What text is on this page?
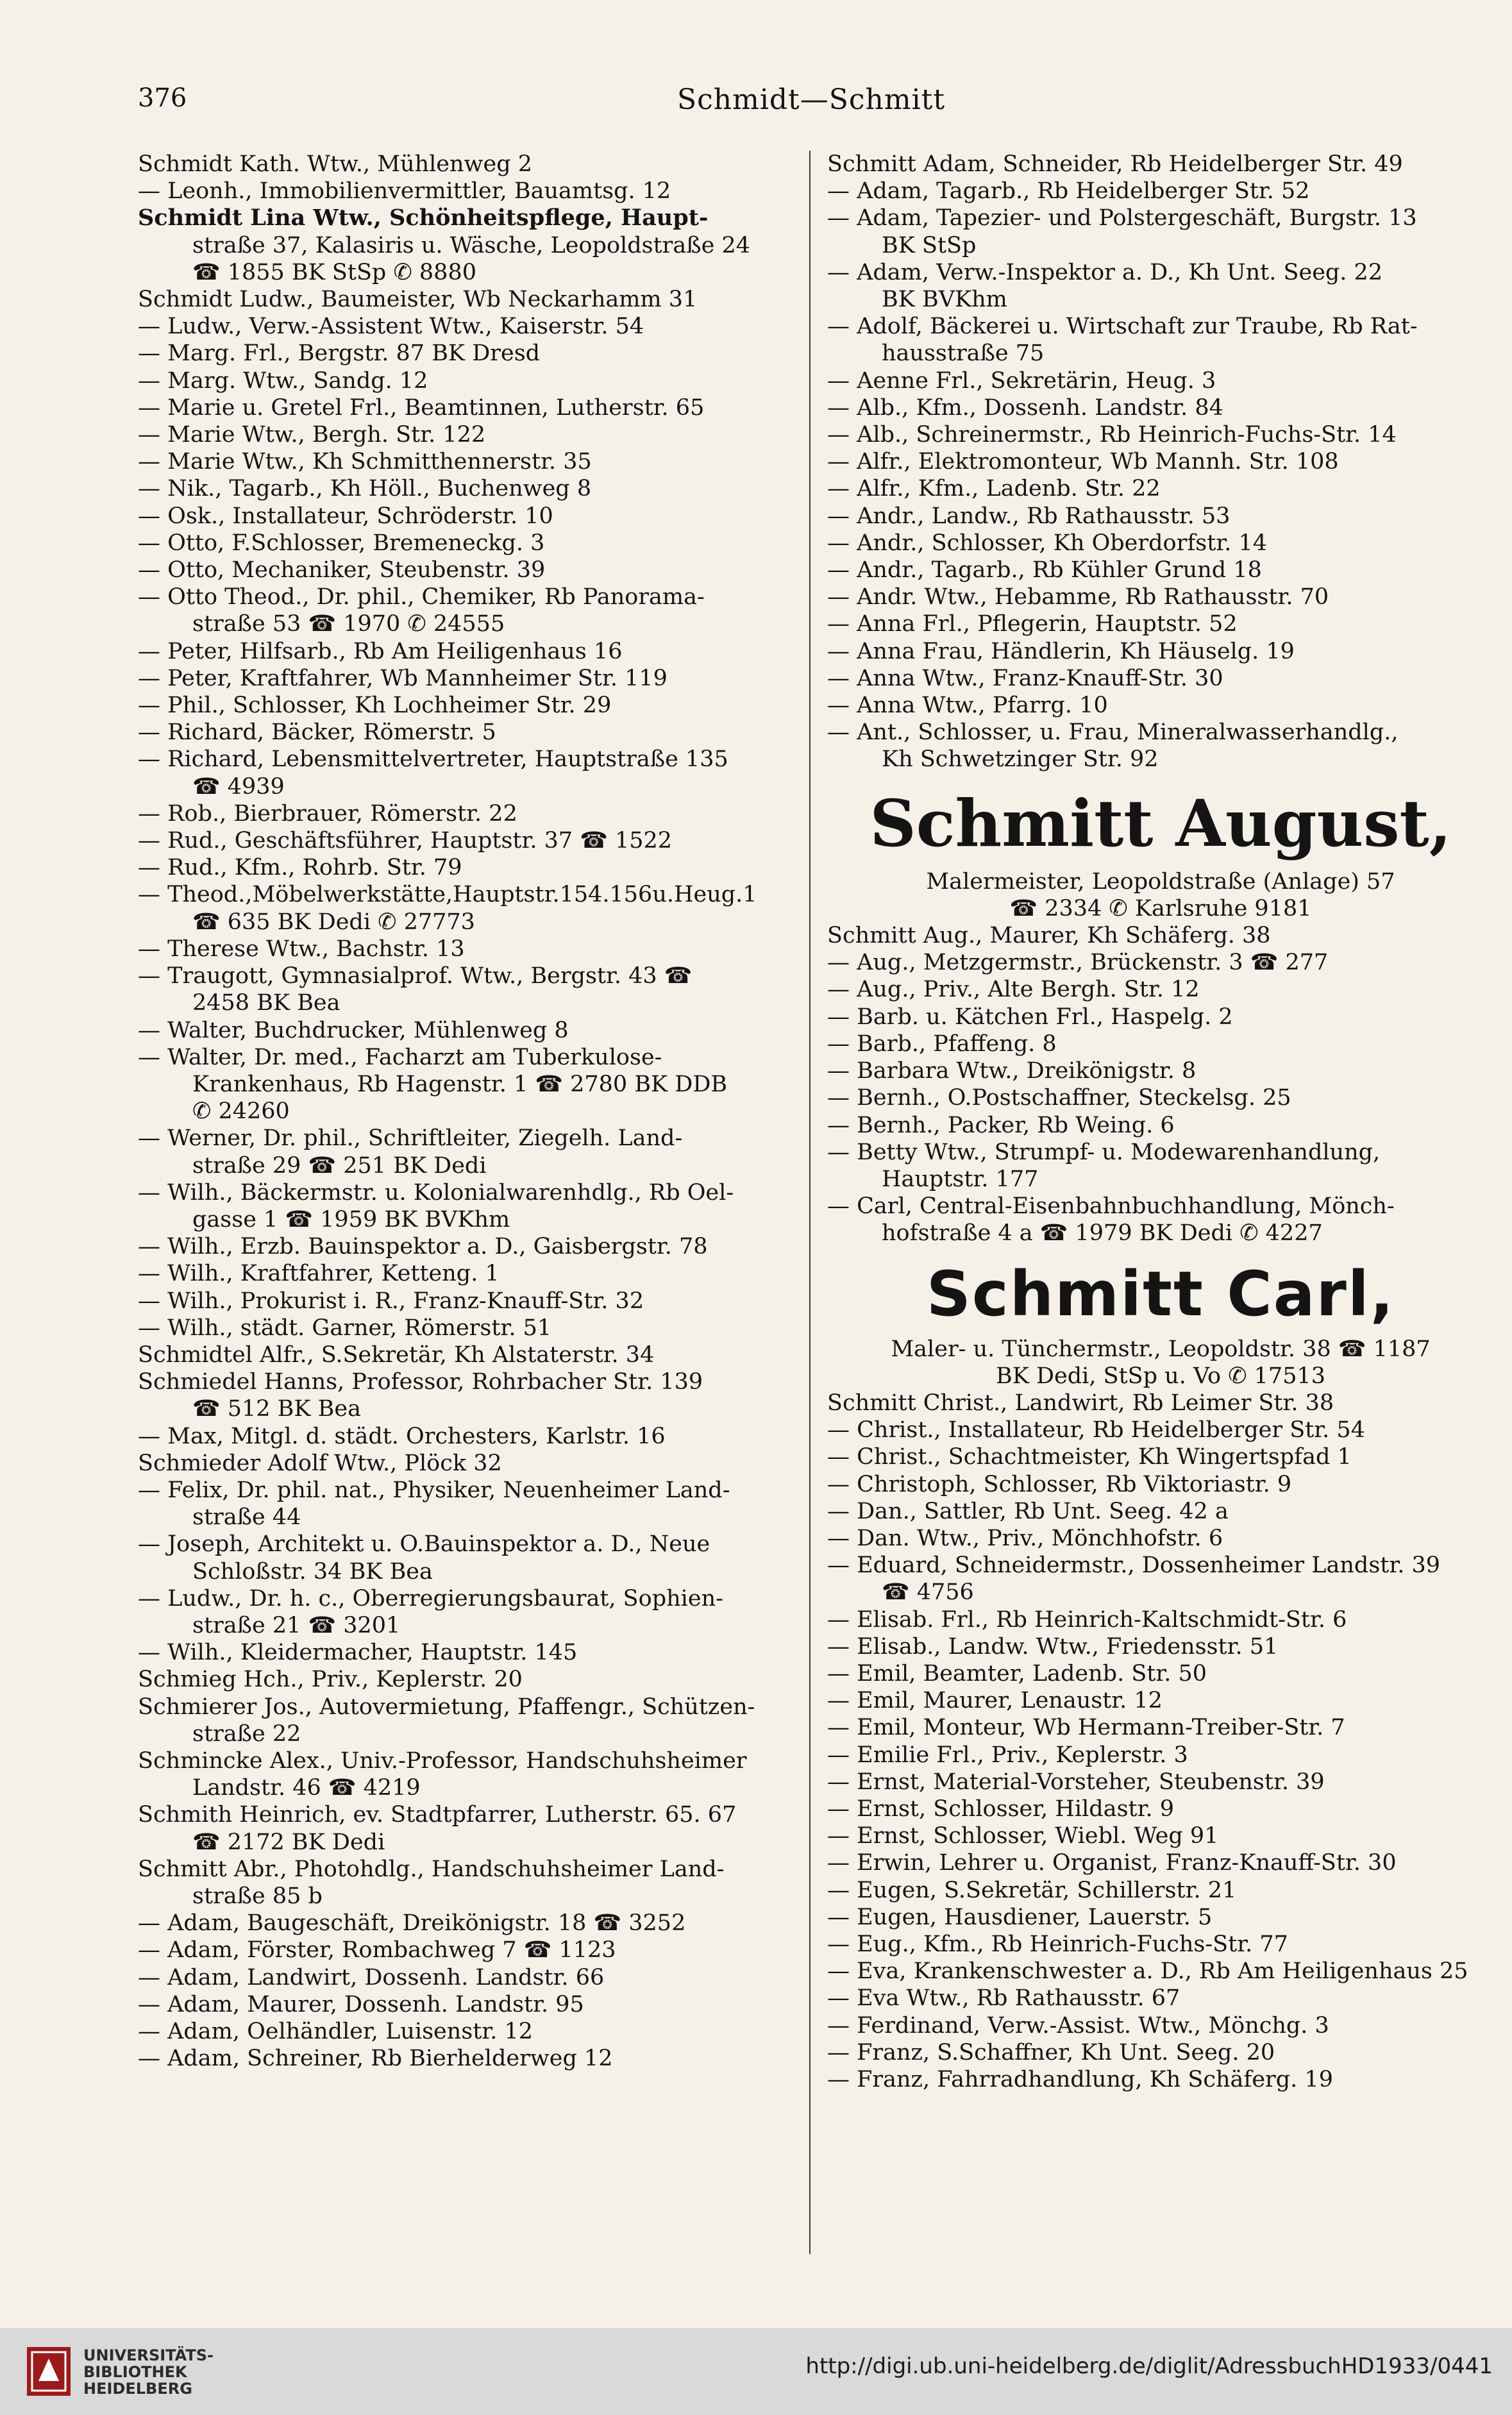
376	Schmidt—Schmitt
Schmidt Kath. Wtw., Mühlenweg 2
— Leonh., Immobilienvermittler, Bauamtsg. 12
Schmidt Lina Wtw., Schönheitspflege, Haupt-
straße 37, Kalasiris u. Wäsche, Leopoldstraße 24
☎ 1855 BK StSp ✆ 8880
Schmidt Ludw., Baumeister, Wb Neckarhamm 31
— Ludw., Verw.-Assistent Wtw., Kaiserstr. 54
— Marg. Frl., Bergstr. 87 BK Dresd
— Marg. Wtw., Sandg. 12
— Marie u. Gretel Frl., Beamtinnen, Lutherstr. 65
— Marie Wtw., Bergh. Str. 122
— Marie Wtw., Kh Schmitthennerstr. 35
— Nik., Tagarb., Kh Höll., Buchenweg 8
— Osk., Installateur, Schröderstr. 10
— Otto, F.Schlosser, Bremeneckg. 3
— Otto, Mechaniker, Steubenstr. 39
— Otto Theod., Dr. phil., Chemiker, Rb Panorama-
straße 53 ☎ 1970 ✆ 24555
— Peter, Hilfsarb., Rb Am Heiligenhaus 16
— Peter, Kraftfahrer, Wb Mannheimer Str. 119
— Phil., Schlosser, Kh Lochheimer Str. 29
— Richard, Bäcker, Römerstr. 5
— Richard, Lebensmittelvertreter, Hauptstraße 135
☎ 4939
— Rob., Bierbrauer, Römerstr. 22
— Rud., Geschäftsführer, Hauptstr. 37 ☎ 1522
— Rud., Kfm., Rohrb. Str. 79
— Theod.,Möbelwerkstätte,Hauptstr.154.156u.Heug.1
☎ 635 BK Dedi ✆ 27773
— Therese Wtw., Bachstr. 13
— Traugott, Gymnasialprof. Wtw., Bergstr. 43 ☎
2458 BK Bea
— Walter, Buchdrucker, Mühlenweg 8
— Walter, Dr. med., Facharzt am Tuberkulose-
Krankenhaus, Rb Hagenstr. 1 ☎ 2780 BK DDB
✆ 24260
— Werner, Dr. phil., Schriftleiter, Ziegelh. Land-
straße 29 ☎ 251 BK Dedi
— Wilh., Bäckermstr. u. Kolonialwarenhdlg., Rb Oel-
gasse 1 ☎ 1959 BK BVKhm
— Wilh., Erzb. Bauinspektor a. D., Gaisbergstr. 78
— Wilh., Kraftfahrer, Ketteng. 1
— Wilh., Prokurist i. R., Franz-Knauff-Str. 32
— Wilh., städt. Garner, Römerstr. 51
Schmidtel Alfr., S.Sekretär, Kh Alstaterstr. 34
Schmiedel Hanns, Professor, Rohrbacher Str. 139
☎ 512 BK Bea
— Max, Mitgl. d. städt. Orchesters, Karlstr. 16
Schmieder Adolf Wtw., Plöck 32
— Felix, Dr. phil. nat., Physiker, Neuenheimer Land-
straße 44
— Joseph, Architekt u. O.Bauinspektor a. D., Neue
Schloßstr. 34 BK Bea
— Ludw., Dr. h. c., Oberregierungsbaurat, Sophien-
straße 21 ☎ 3201
— Wilh., Kleidermacher, Hauptstr. 145
Schmieg Hch., Priv., Keplerstr. 20
Schmierer Jos., Autovermietung, Pfaffengr., Schützen-
straße 22
Schmincke Alex., Univ.-Professor, Handschuhsheimer
Landstr. 46 ☎ 4219
Schmith Heinrich, ev. Stadtpfarrer, Lutherstr. 65. 67
☎ 2172 BK Dedi
Schmitt Abr., Photohdlg., Handschuhsheimer Land-
straße 85 b
— Adam, Baugeschäft, Dreikönigstr. 18 ☎ 3252
— Adam, Förster, Rombachweg 7 ☎ 1123
— Adam, Landwirt, Dossenh. Landstr. 66
— Adam, Maurer, Dossenh. Landstr. 95
— Adam, Oelhändler, Luisenstr. 12
— Adam, Schreiner, Rb Bierhelderweg 12
Schmitt Adam, Schneider, Rb Heidelberger Str. 49
— Adam, Tagarb., Rb Heidelberger Str. 52
— Adam, Tapezier- und Polstergeschäft, Burgstr. 13
BK StSp
— Adam, Verw.-Inspektor a. D., Kh Unt. Seeg. 22
BK BVKhm
— Adolf, Bäckerei u. Wirtschaft zur Traube, Rb Rat-
hausstraße 75
— Aenne Frl., Sekretärin, Heug. 3
— Alb., Kfm., Dossenh. Landstr. 84
— Alb., Schreinermstr., Rb Heinrich-Fuchs-Str. 14
— Alfr., Elektromonteur, Wb Mannh. Str. 108
— Alfr., Kfm., Ladenb. Str. 22
— Andr., Landw., Rb Rathausstr. 53
— Andr., Schlosser, Kh Oberdorfstr. 14
— Andr., Tagarb., Rb Kühler Grund 18
— Andr. Wtw., Hebamme, Rb Rathausstr. 70
— Anna Frl., Pflegerin, Hauptstr. 52
— Anna Frau, Händlerin, Kh Häuselg. 19
— Anna Wtw., Franz-Knauff-Str. 30
— Anna Wtw., Pfarrg. 10
— Ant., Schlosser, u. Frau, Mineralwasserhandlg.,
Kh Schwetzinger Str. 92
Schmitt August,
Malermeister, Leopoldstraße (Anlage) 57
☎ 2334 ✆ Karlsruhe 9181
Schmitt Aug., Maurer, Kh Schäferg. 38
— Aug., Metzgermstr., Brückenstr. 3 ☎ 277
— Aug., Priv., Alte Bergh. Str. 12
— Barb. u. Kätchen Frl., Haspelg. 2
— Barb., Pfaffeng. 8
— Barbara Wtw., Dreikönigstr. 8
— Bernh., O.Postschaffner, Steckelsg. 25
— Bernh., Packer, Rb Weing. 6
— Betty Wtw., Strumpf- u. Modewarenhandlung,
Hauptstr. 177
— Carl, Central-Eisenbahnbuchhandlung, Mönch-
hofstraße 4 a ☎ 1979 BK Dedi ✆ 4227
Schmitt Carl,
Maler- u. Tünchermstr., Leopoldstr. 38 ☎ 1187
BK Dedi, StSp u. Vo ✆ 17513
Schmitt Christ., Landwirt, Rb Leimer Str. 38
— Christ., Installateur, Rb Heidelberger Str. 54
— Christ., Schachtmeister, Kh Wingertspfad 1
— Christoph, Schlosser, Rb Viktoriastr. 9
— Dan., Sattler, Rb Unt. Seeg. 42 a
— Dan. Wtw., Priv., Mönchhofstr. 6
— Eduard, Schneidermstr., Dossenheimer Landstr. 39
☎ 4756
— Elisab. Frl., Rb Heinrich-Kaltschmidt-Str. 6
— Elisab., Landw. Wtw., Friedensstr. 51
— Emil, Beamter, Ladenb. Str. 50
— Emil, Maurer, Lenaustr. 12
— Emil, Monteur, Wb Hermann-Treiber-Str. 7
— Emilie Frl., Priv., Keplerstr. 3
— Ernst, Material-Vorsteher, Steubenstr. 39
— Ernst, Schlosser, Hildastr. 9
— Ernst, Schlosser, Wiebl. Weg 91
— Erwin, Lehrer u. Organist, Franz-Knauff-Str. 30
— Eugen, S.Sekretär, Schillerstr. 21
— Eugen, Hausdiener, Lauerstr. 5
— Eug., Kfm., Rb Heinrich-Fuchs-Str. 77
— Eva, Krankenschwester a. D., Rb Am Heiligenhaus 25
— Eva Wtw., Rb Rathausstr. 67
— Ferdinand, Verw.-Assist. Wtw., Mönchg. 3
— Franz, S.Schaffner, Kh Unt. Seeg. 20
— Franz, Fahrradhandlung, Kh Schäferg. 19
UNIVERSITÄTS-
BIBLIOTHEK
HEIDELBERG
http://digi.ub.uni-heidelberg.de/diglit/AdressbuchHD1933/0441
